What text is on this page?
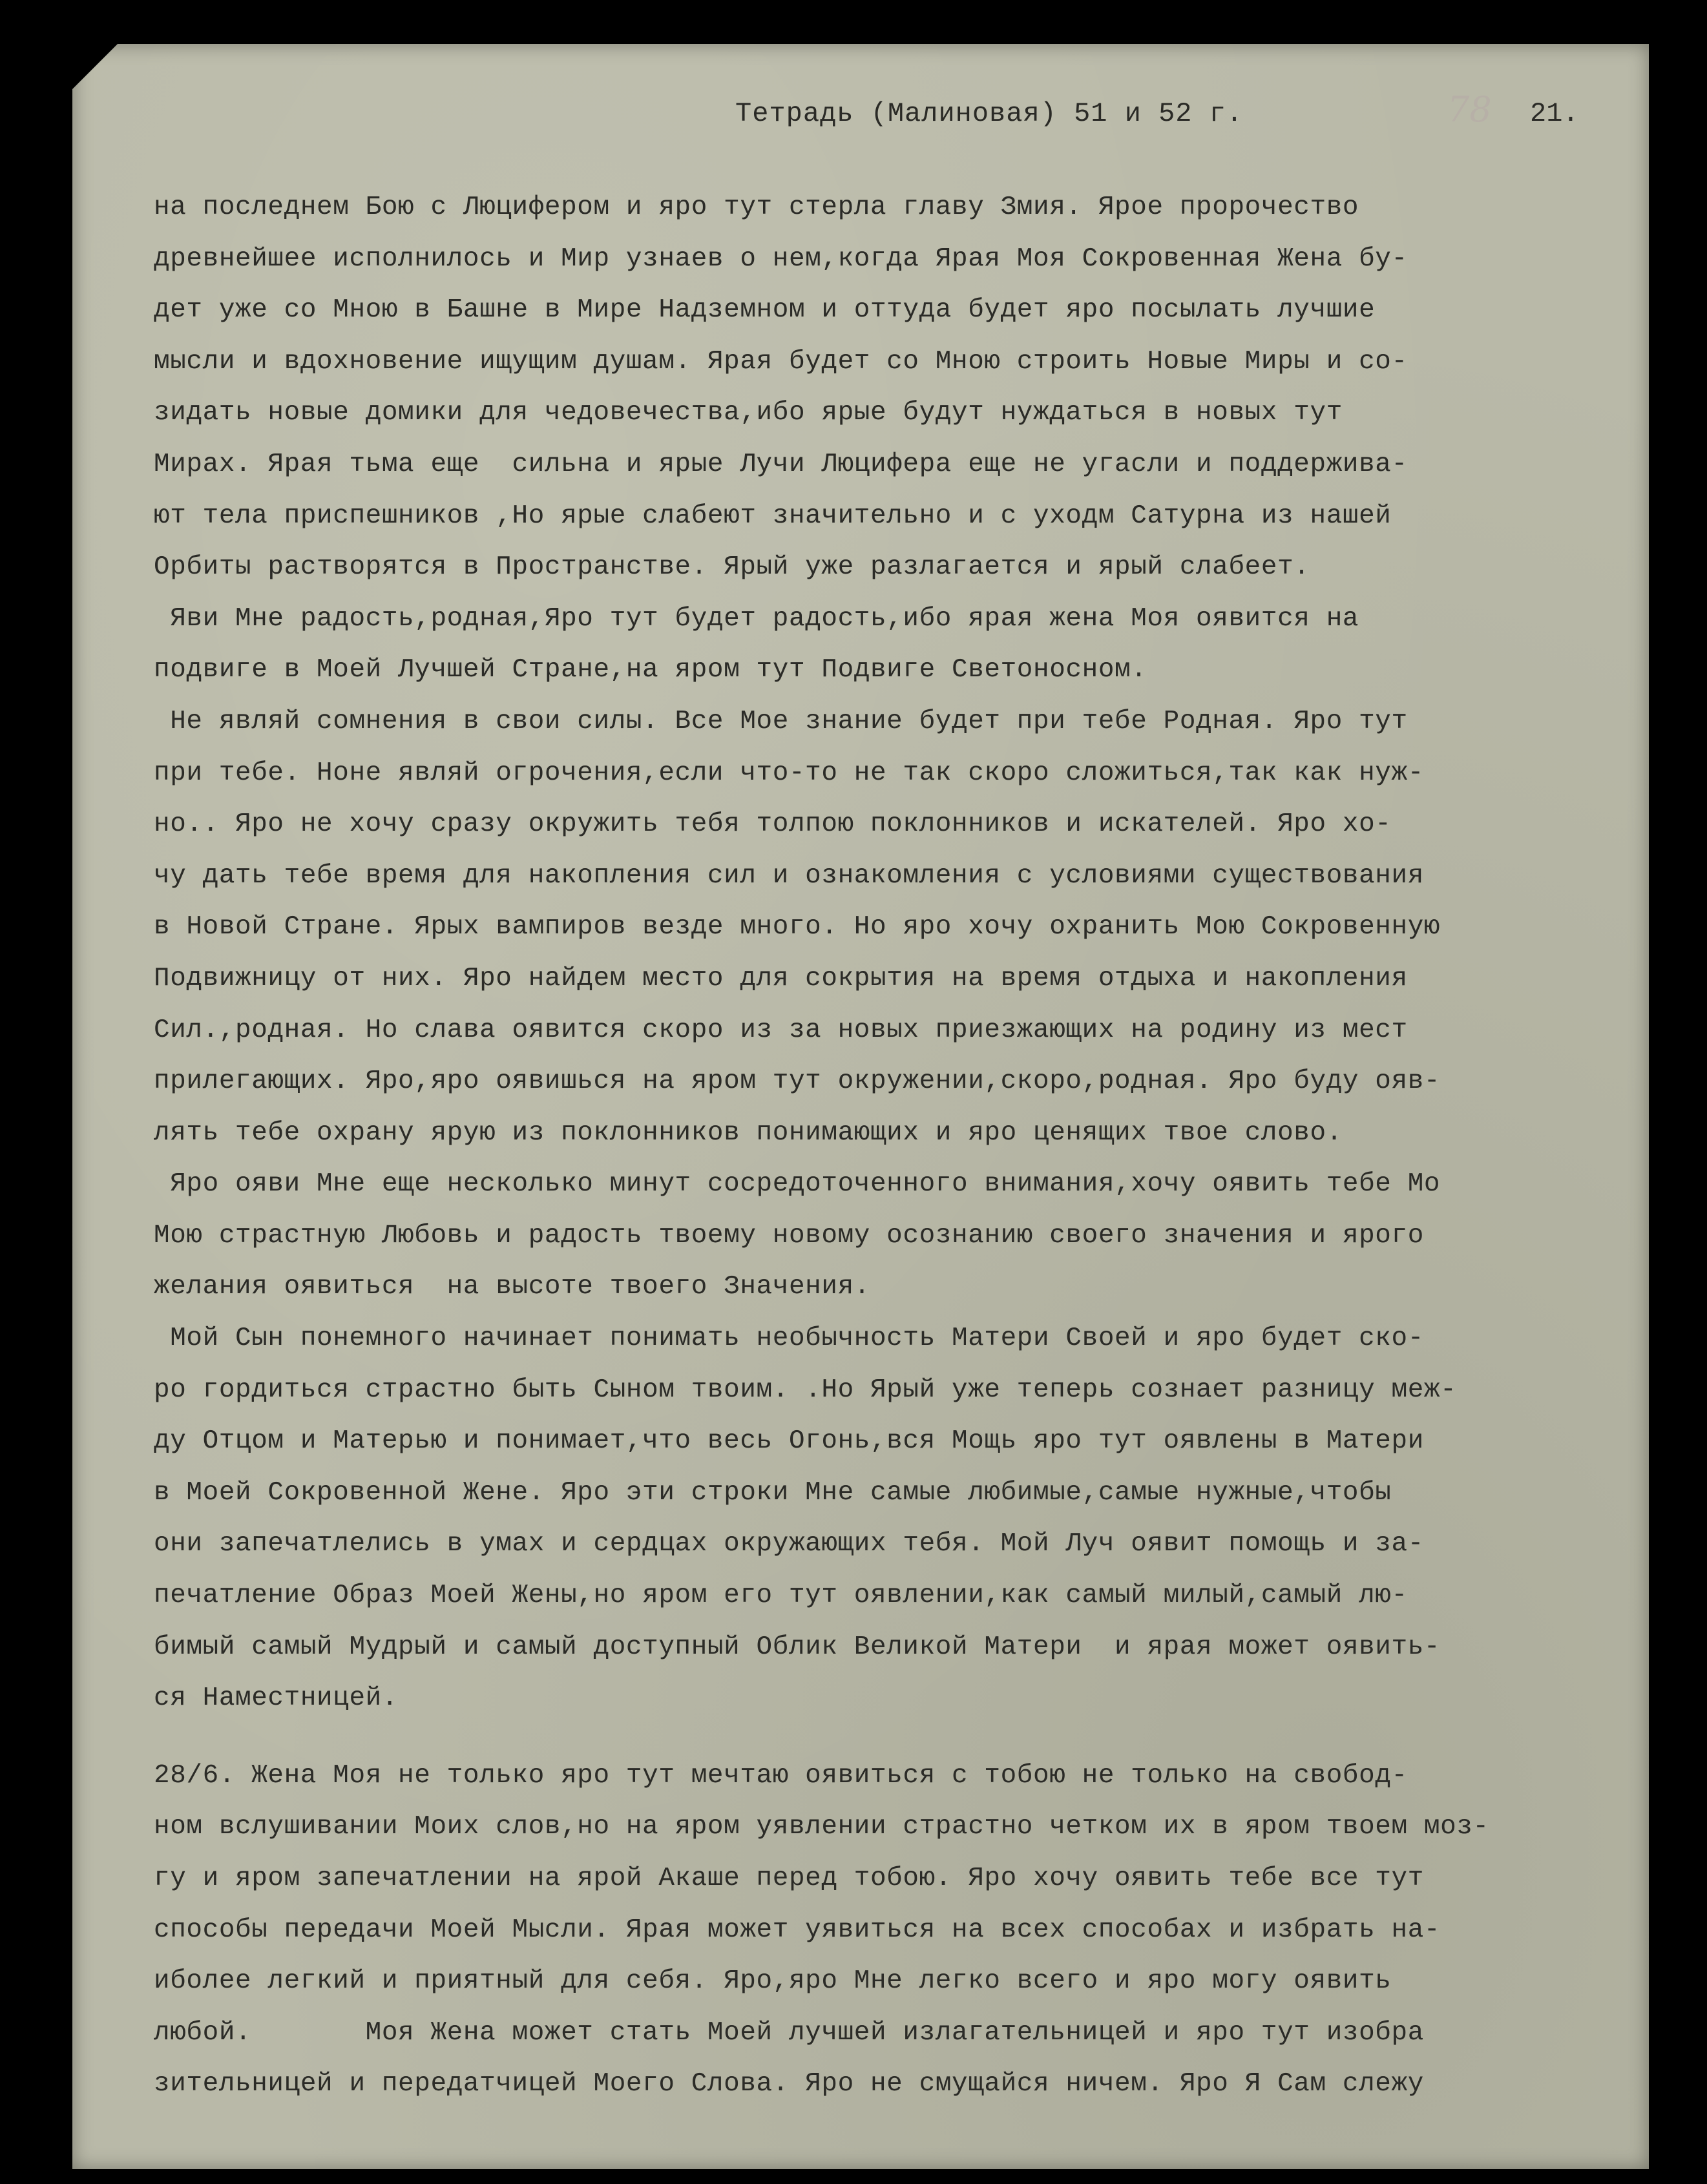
Тетрадь (Малиновая) 51 и 52 г.	78 21.
на последнем Бою с Люцифером и яро тут стерла главу Змия. Ярое пророчество
древнейшее исполнилось и Мир узнаев о нем,когда Ярая Моя Сокровенная Жена бу-
дет уже со Мною в Башне в Мире Надземном и оттуда будет яро посылать лучшие
мысли и вдохновение ищущим душам. Ярая будет со Мною строить Новые Миры и со-
зидать новые домики для чедовечества,ибо ярые будут нуждаться в новых тут
Мирах. Ярая тьма еще  сильна и ярые Лучи Люцифера еще не угасли и поддержива-
ют тела приспешников ,Но ярые слабеют значительно и с уходм Сатурна из нашей
Орбиты растворятся в Пространстве. Ярый уже разлагается и ярый слабеет.
Яви Мне радость,родная,Яро тут будет радость,ибо ярая жена Моя оявится на
подвиге в Моей Лучшей Стране,на яром тут Подвиге Светоносном.
Не являй сомнения в свои силы. Все Мое знание будет при тебе Родная. Яро тут
при тебе. Ноне являй огрочения,если что-то не так скоро сложиться,так как нуж-
но.. Яро не хочу сразу окружить тебя толпою поклонников и искателей. Яро хо-
чу дать тебе время для накопления сил и ознакомления с условиями существования
в Новой Стране. Ярых вампиров везде много. Но яро хочу охранить Мою Сокровенную
Подвижницу от них. Яро найдем место для сокрытия на время отдыха и накопления
Сил.,родная. Но слава оявится скоро из за новых приезжающих на родину из мест
прилегающих. Яро,яро оявишься на яром тут окружении,скоро,родная. Яро буду ояв-
лять тебе охрану ярую из поклонников понимающих и яро ценящих твое слово.
Яро ояви Мне еще несколько минут сосредоточенного внимания,хочу оявить тебе Мо
Мою страстную Любовь и радость твоему новому осознанию своего значения и ярого
желания оявиться  на высоте твоего Значения.
Мой Сын понемного начинает понимать необычность Матери Своей и яро будет ско-
ро гордиться страстно быть Сыном твоим. .Но Ярый уже теперь сознает разницу меж-
ду Отцом и Матерью и понимает,что весь Огонь,вся Мощь яро тут оявлены в Матери
в Моей Сокровенной Жене. Яро эти строки Мне самые любимые,самые нужные,чтобы
они запечатлелись в умах и сердцах окружающих тебя. Мой Луч оявит помощь и за-
печатление Образ Моей Жены,но яром его тут оявлении,как самый милый,самый лю-
бимый самый Мудрый и самый доступный Облик Великой Матери  и ярая может оявить-
ся Наместницей.
28/6. Жена Моя не только яро тут мечтаю оявиться с тобою не только на свобод-
ном вслушивании Моих слов,но на яром уявлении страстно четком их в яром твоем моз-
гу и яром запечатлении на ярой Акаше перед тобою. Яро хочу оявить тебе все тут
способы передачи Моей Мысли. Ярая может уявиться на всех способах и избрать на-
иболее легкий и приятный для себя. Яро,яро Мне легко всего и яро могу оявить
любой.       Моя Жена может стать Моей лучшей излагательницей и яро тут изобра
зительницей и передатчицей Моего Слова. Яро не смущайся ничем. Яро Я Сам слежу
